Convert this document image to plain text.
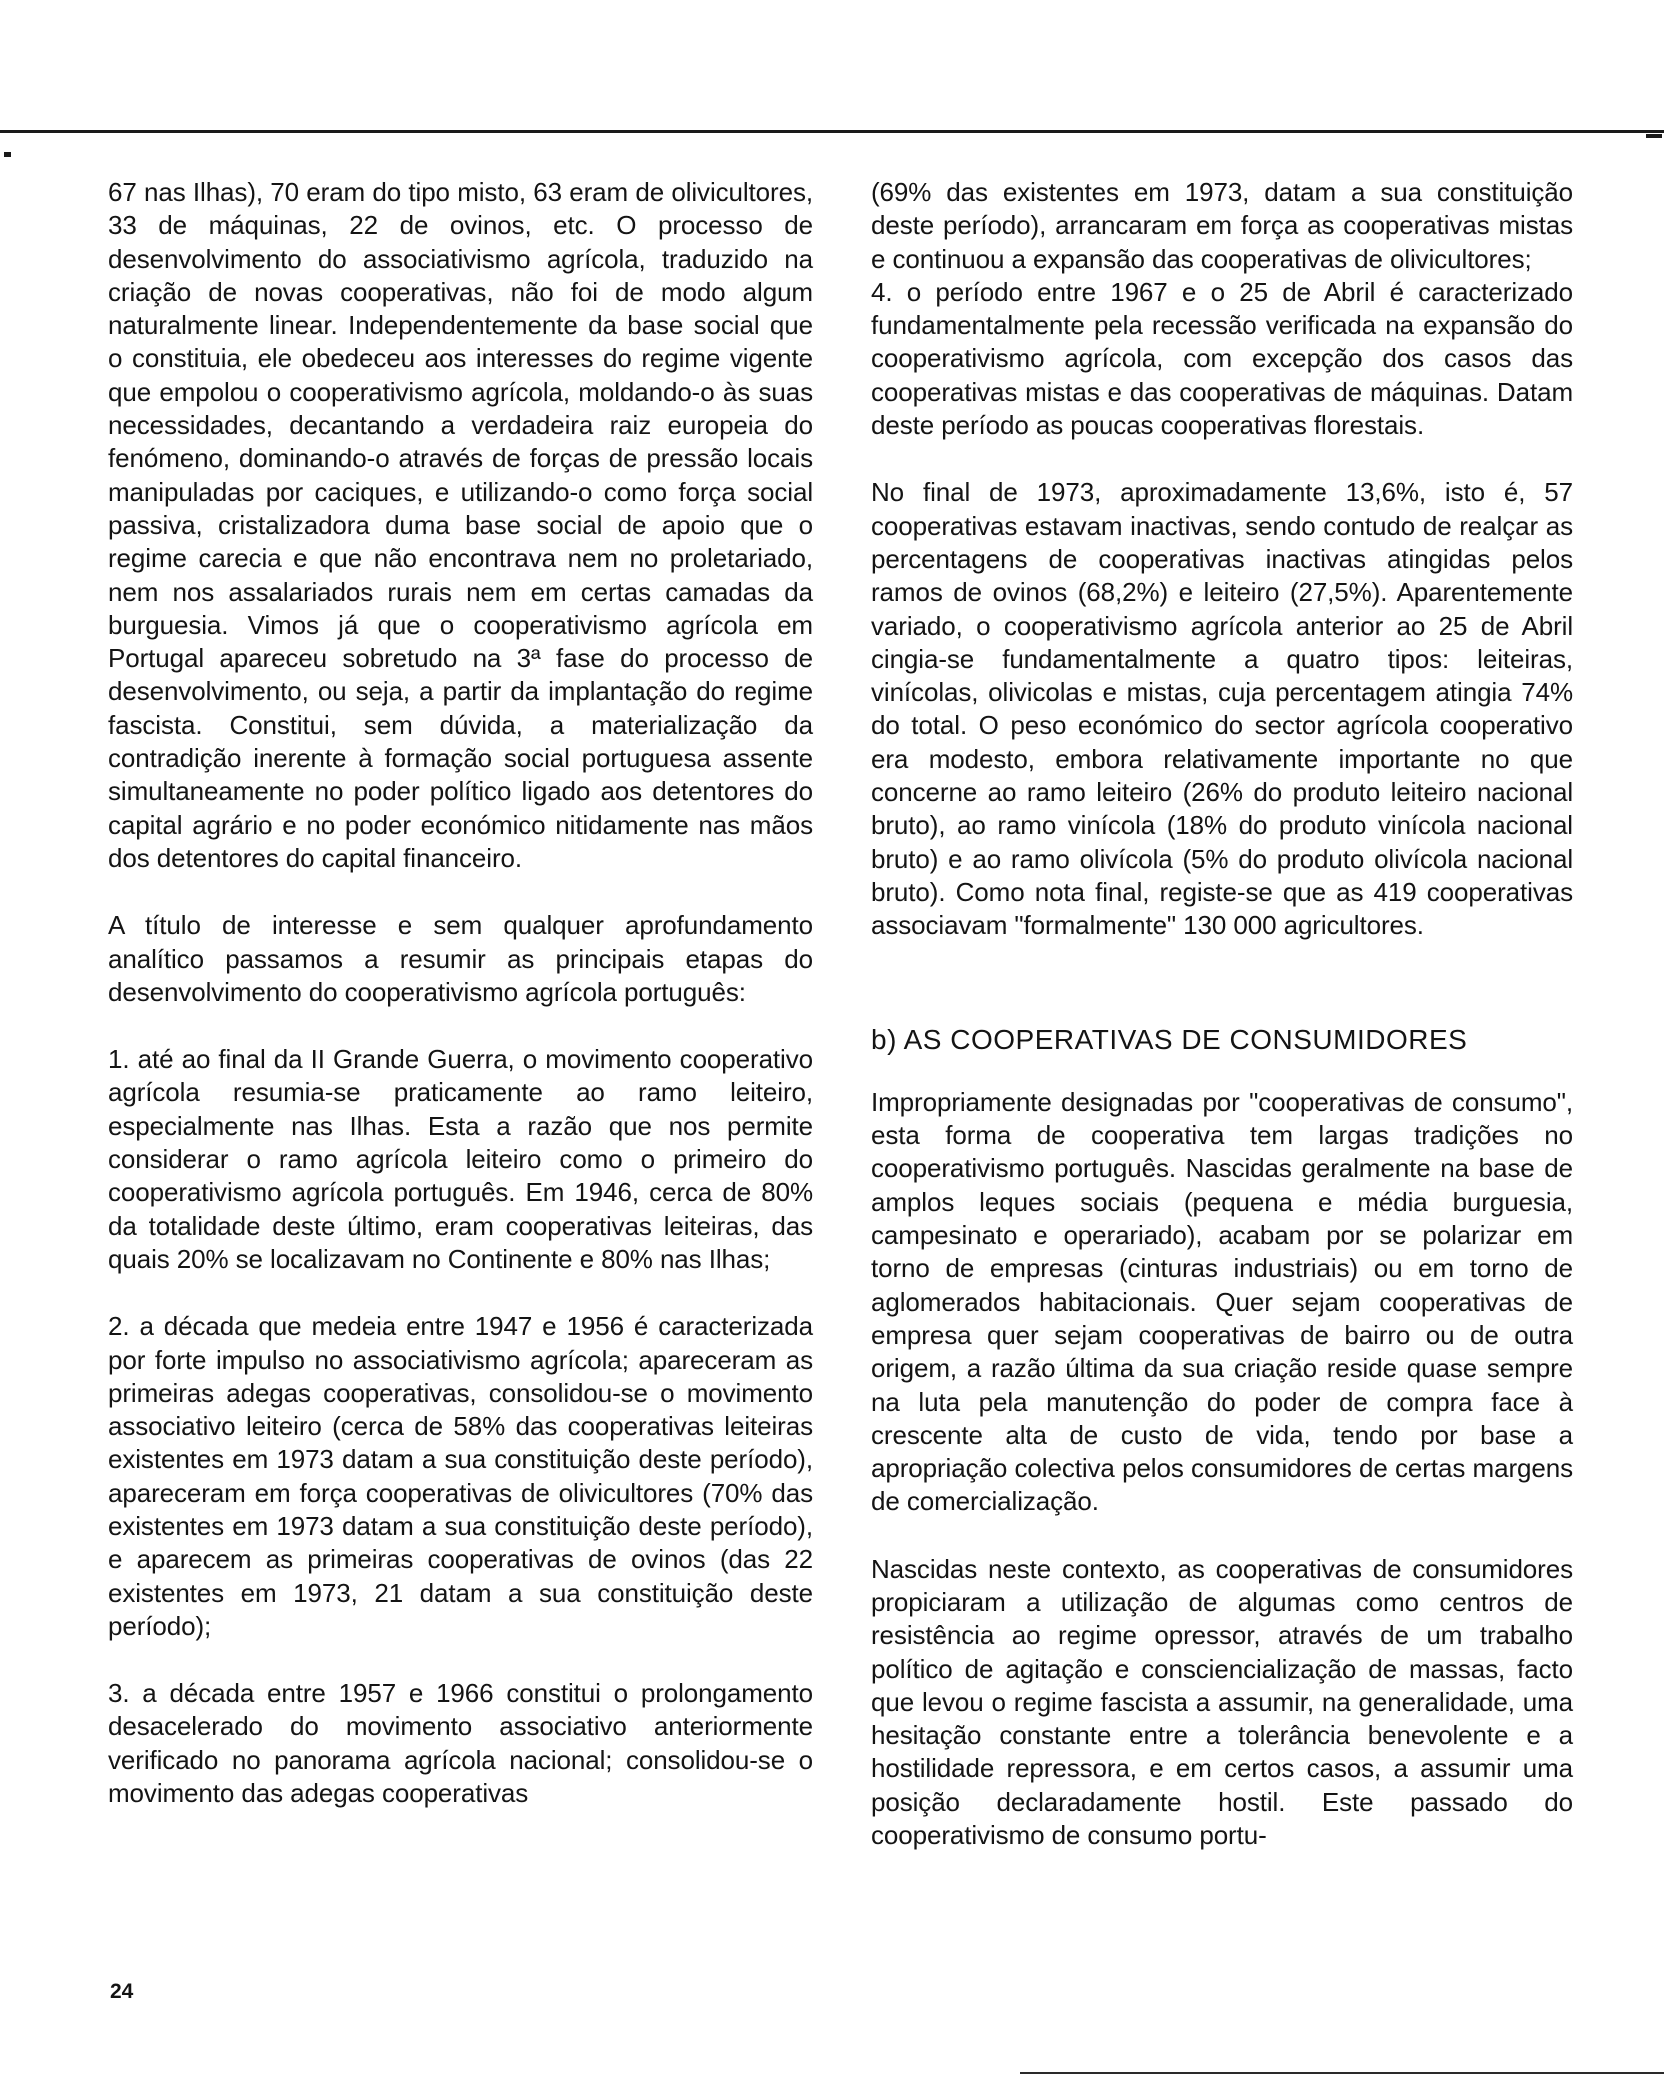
67 nas Ilhas), 70 eram do tipo misto, 63 eram de olivicultores, 33 de máquinas, 22 de ovinos, etc. O processo de desenvolvimento do associativismo agrícola, traduzido na criação de novas cooperativas, não foi de modo algum naturalmente linear. Independentemente da base social que o constituia, ele obedeceu aos interesses do regime vigente que empolou o cooperativismo agrícola, moldando-o às suas necessidades, decantando a verdadeira raiz europeia do fenómeno, dominando-o através de forças de pressão locais manipuladas por caciques, e utilizando-o como força social passiva, cristalizadora duma base social de apoio que o regime carecia e que não encontrava nem no proletariado, nem nos assalariados rurais nem em certas camadas da burguesia. Vimos já que o cooperativismo agrícola em Portugal apareceu sobretudo na 3ª fase do processo de desenvolvimento, ou seja, a partir da implantação do regime fascista. Constitui, sem dúvida, a materialização da contradição inerente à formação social portuguesa assente simultaneamente no poder político ligado aos detentores do capital agrário e no poder económico nitidamente nas mãos dos detentores do capital financeiro.

A título de interesse e sem qualquer aprofundamento analítico passamos a resumir as principais etapas do desenvolvimento do cooperativismo agrícola português:

1. até ao final da II Grande Guerra, o movimento cooperativo agrícola resumia-se praticamente ao ramo leiteiro, especialmente nas Ilhas. Esta a razão que nos permite considerar o ramo agrícola leiteiro como o primeiro do cooperativismo agrícola português. Em 1946, cerca de 80% da totalidade deste último, eram cooperativas leiteiras, das quais 20% se localizavam no Continente e 80% nas Ilhas;

2. a década que medeia entre 1947 e 1956 é caracterizada por forte impulso no associativismo agrícola; apareceram as primeiras adegas cooperativas, consolidou-se o movimento associativo leiteiro (cerca de 58% das cooperativas leiteiras existentes em 1973 datam a sua constituição deste período), apareceram em força cooperativas de olivicultores (70% das existentes em 1973 datam a sua constituição deste período), e aparecem as primeiras cooperativas de ovinos (das 22 existentes em 1973, 21 datam a sua constituição deste período);

3. a década entre 1957 e 1966 constitui o prolongamento desacelerado do movimento associativo anteriormente verificado no panorama agrícola nacional; consolidou-se o movimento das adegas cooperativas

(69% das existentes em 1973, datam a sua constituição deste período), arrancaram em força as cooperativas mistas e continuou a expansão das cooperativas de olivicultores;

4. o período entre 1967 e o 25 de Abril é caracterizado fundamentalmente pela recessão verificada na expansão do cooperativismo agrícola, com excepção dos casos das cooperativas mistas e das cooperativas de máquinas. Datam deste período as poucas cooperativas florestais.

No final de 1973, aproximadamente 13,6%, isto é, 57 cooperativas estavam inactivas, sendo contudo de realçar as percentagens de cooperativas inactivas atingidas pelos ramos de ovinos (68,2%) e leiteiro (27,5%). Aparentemente variado, o cooperativismo agrícola anterior ao 25 de Abril cingia-se fundamentalmente a quatro tipos: leiteiras, vinícolas, olivicolas e mistas, cuja percentagem atingia 74% do total. O peso económico do sector agrícola cooperativo era modesto, embora relativamente importante no que concerne ao ramo leiteiro (26% do produto leiteiro nacional bruto), ao ramo vinícola (18% do produto vinícola nacional bruto) e ao ramo olivícola (5% do produto olivícola nacional bruto). Como nota final, registe-se que as 419 cooperativas associavam "formalmente" 130 000 agricultores.

b) AS COOPERATIVAS DE CONSUMIDORES

Impropriamente designadas por "cooperativas de consumo", esta forma de cooperativa tem largas tradições no cooperativismo português. Nascidas geralmente na base de amplos leques sociais (pequena e média burguesia, campesinato e operariado), acabam por se polarizar em torno de empresas (cinturas industriais) ou em torno de aglomerados habitacionais. Quer sejam cooperativas de empresa quer sejam cooperativas de bairro ou de outra origem, a razão última da sua criação reside quase sempre na luta pela manutenção do poder de compra face à crescente alta de custo de vida, tendo por base a apropriação colectiva pelos consumidores de certas margens de comercialização.

Nascidas neste contexto, as cooperativas de consumidores propiciaram a utilização de algumas como centros de resistência ao regime opressor, através de um trabalho político de agitação e consciencialização de massas, facto que levou o regime fascista a assumir, na generalidade, uma hesitação constante entre a tolerância benevolente e a hostilidade repressora, e em certos casos, a assumir uma posição declaradamente hostil. Este passado do cooperativismo de consumo portu-

24
